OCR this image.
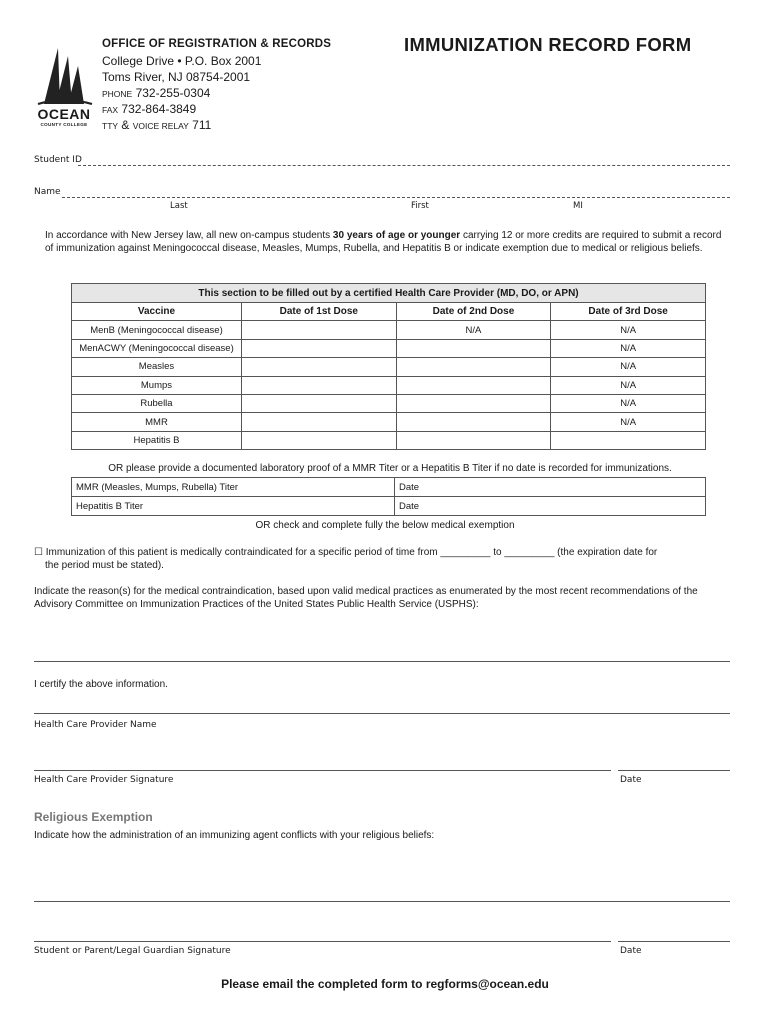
OCEAN
COUNTY COLLEGE
OFFICE OF REGISTRATION & RECORDS
College Drive • P.O. Box 2001
Toms River, NJ 08754-2001
PHONE 732-255-0304
FAX 732-864-3849
TTY & VOICE RELAY 711
IMMUNIZATION RECORD FORM
Student ID
Name
Last	First	MI
In accordance with New Jersey law, all new on-campus students 30 years of age or younger carrying 12 or more credits are required to submit a record of immunization against Meningococcal disease, Measles, Mumps, Rubella, and Hepatitis B or indicate exemption due to medical or religious beliefs.
This section to be filled out by a certified Health Care Provider (MD, DO, or APN)			
Vaccine	Date of 1st Dose	Date of 2nd Dose	Date of 3rd Dose
MenB (Meningococcal disease)		N/A	N/A
MenACWY (Meningococcal disease)			N/A
Measles			N/A
Mumps			N/A
Rubella			N/A
MMR			N/A
Hepatitis B			
OR please provide a documented laboratory proof of a MMR Titer or a Hepatitis B Titer if no date is recorded for immunizations.
MMR (Measles, Mumps, Rubella) Titer	Date
Hepatitis B Titer	Date
OR check and complete fully the below medical exemption
☐ Immunization of this patient is medically contraindicated for a specific period of time from _________ to _________ (the expiration date for
the period must be stated).
Indicate the reason(s) for the medical contraindication, based upon valid medical practices as enumerated by the most recent recommendations of the Advisory Committee on Immunization Practices of the United States Public Health Service (USPHS):
I certify the above information.
Health Care Provider Name
Health Care Provider Signature	Date
Religious Exemption
Indicate how the administration of an immunizing agent conflicts with your religious beliefs:
Student or Parent/Legal Guardian Signature	Date
Please email the completed form to regforms@ocean.edu
